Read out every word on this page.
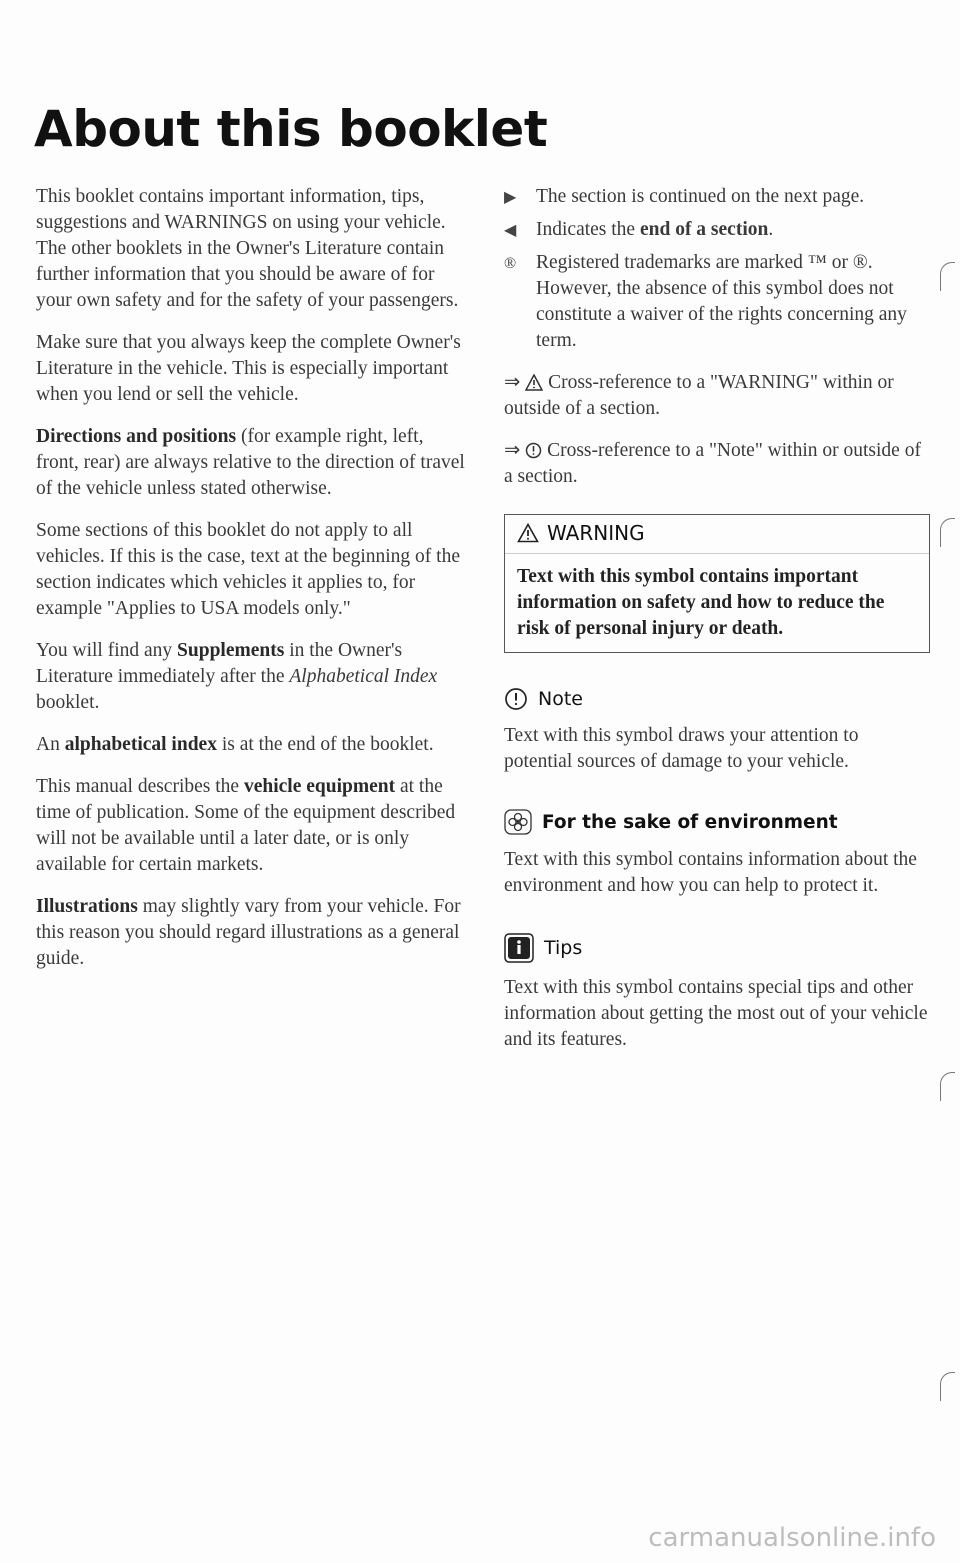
About this booklet

This booklet contains important information, tips, suggestions and WARNINGS on using your vehicle. The other booklets in the Owner's Literature contain further information that you should be aware of for your own safety and for the safety of your passengers.

Make sure that you always keep the complete Owner's Literature in the vehicle. This is especially important when you lend or sell the vehicle.

Directions and positions (for example right, left, front, rear) are always relative to the direction of travel of the vehicle unless stated otherwise.

Some sections of this booklet do not apply to all vehicles. If this is the case, text at the beginning of the section indicates which vehicles it applies to, for example "Applies to USA models only."

You will find any Supplements in the Owner's Literature immediately after the Alphabetical Index booklet.

An alphabetical index is at the end of the booklet.

This manual describes the vehicle equipment at the time of publication. Some of the equipment described will not be available until a later date, or is only available for certain markets.

Illustrations may slightly vary from your vehicle. For this reason you should regard illustrations as a general guide.

▶	The section is continued on the next page.
◀	Indicates the end of a section.
®	Registered trademarks are marked ™ or ®. However, the absence of this symbol does not constitute a waiver of the rights concerning any term.
⇒ Cross-reference to a "WARNING" within or outside of a section.
⇒ Cross-reference to a "Note" within or outside of a section.
WARNING
Text with this symbol contains important information on safety and how to reduce the risk of personal injury or death.
Note

Text with this symbol draws your attention to potential sources of damage to your vehicle.

For the sake of environment

Text with this symbol contains information about the environment and how you can help to protect it.

Tips

Text with this symbol contains special tips and other information about getting the most out of your vehicle and its features.

carmanualsonline.info
